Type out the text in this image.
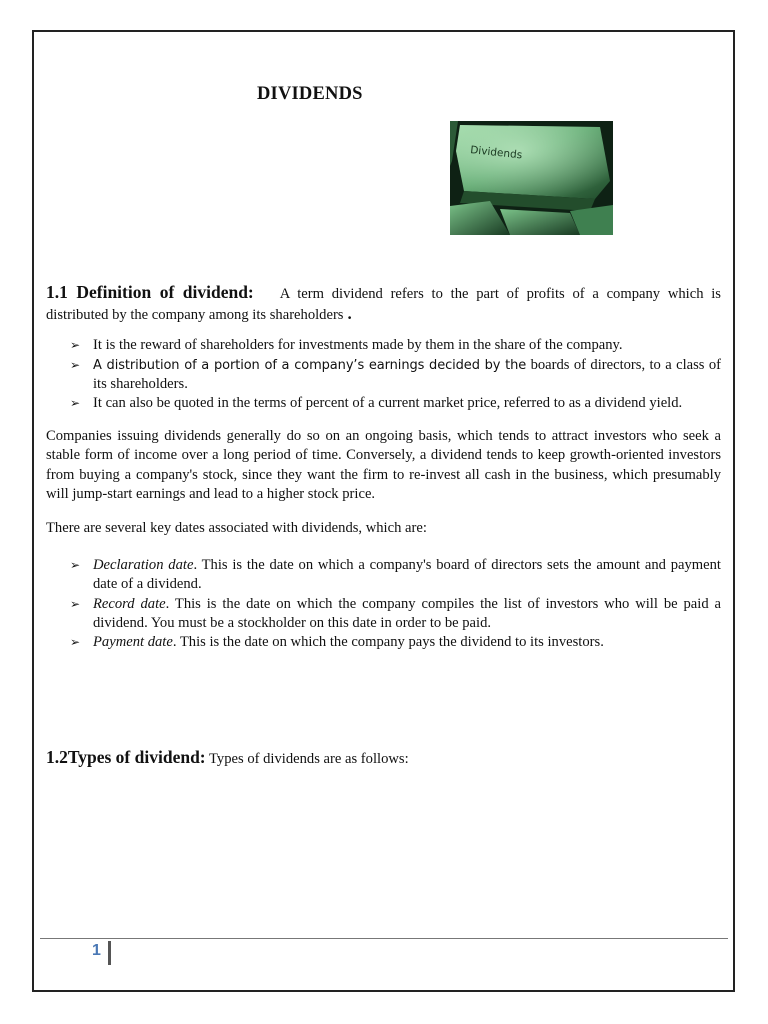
DIVIDENDS
Dividends

1.1 Definition of dividend: A term dividend refers to the part of profits of a company which is distributed by the company among its shareholders .

➢ It is the reward of shareholders for investments made by them in the share of the company.
➢ A distribution of a portion of a company’s earnings decided by the boards of directors, to a class of its shareholders.
➢ It can also be quoted in the terms of percent of a current market price, referred to as a dividend yield.

Companies issuing dividends generally do so on an ongoing basis, which tends to attract investors who seek a stable form of income over a long period of time. Conversely, a dividend tends to keep growth-oriented investors from buying a company's stock, since they want the firm to re-invest all cash in the business, which presumably will jump-start earnings and lead to a higher stock price.

There are several key dates associated with dividends, which are:

➢ Declaration date. This is the date on which a company's board of directors sets the amount and payment date of a dividend.
➢ Record date. This is the date on which the company compiles the list of investors who will be paid a dividend. You must be a stockholder on this date in order to be paid.
➢ Payment date. This is the date on which the company pays the dividend to its investors.

1.2Types of dividend: Types of dividends are as follows:

1
